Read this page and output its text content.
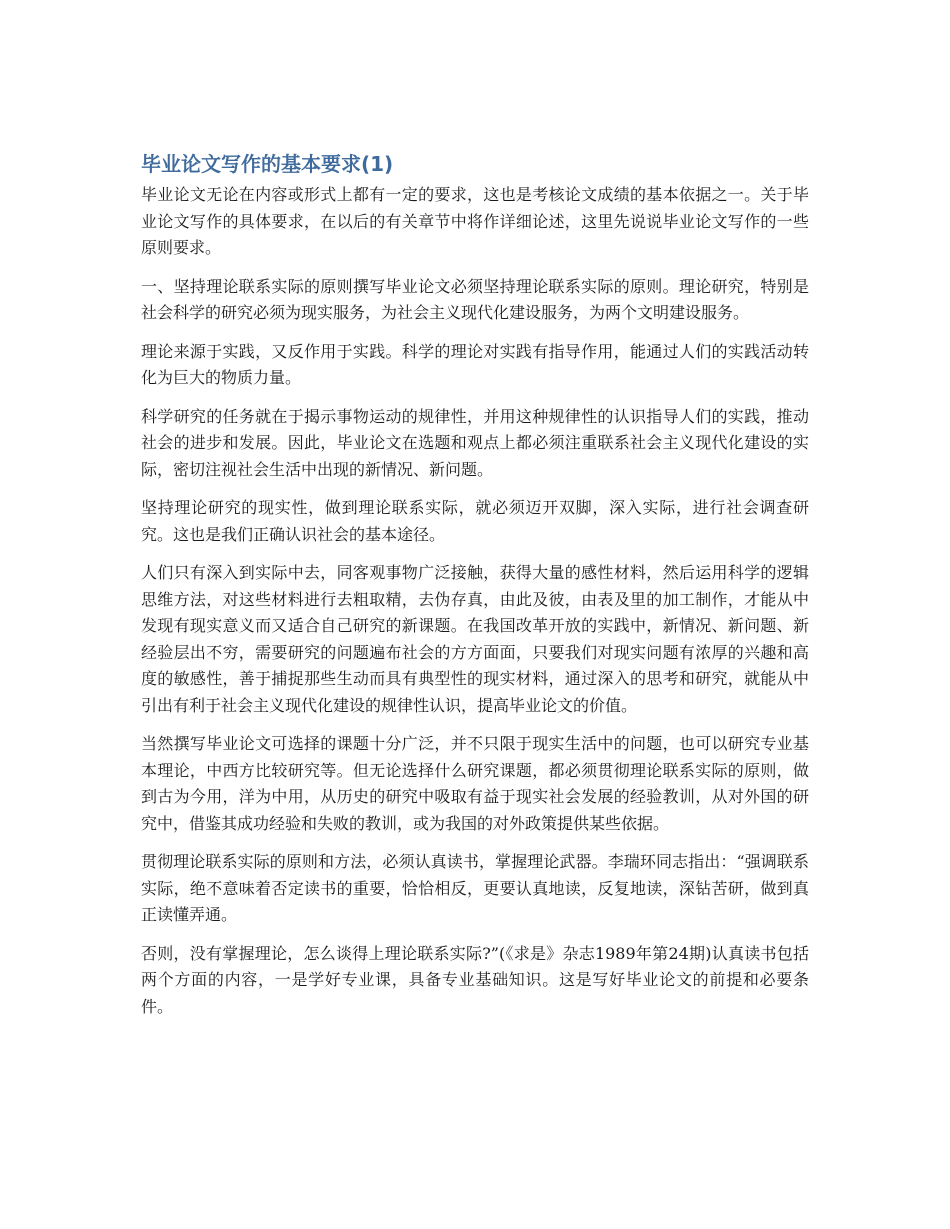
毕业论文写作的基本要求(1)

毕业论文无论在内容或形式上都有一定的要求，这也是考核论文成绩的基本依据之一。关于毕业论文写作的具体要求，在以后的有关章节中将作详细论述，这里先说说毕业论文写作的一些原则要求。

一、坚持理论联系实际的原则撰写毕业论文必须坚持理论联系实际的原则。理论研究，特别是社会科学的研究必须为现实服务，为社会主义现代化建设服务，为两个文明建设服务。

理论来源于实践，又反作用于实践。科学的理论对实践有指导作用，能通过人们的实践活动转化为巨大的物质力量。

科学研究的任务就在于揭示事物运动的规律性，并用这种规律性的认识指导人们的实践，推动社会的进步和发展。因此，毕业论文在选题和观点上都必须注重联系社会主义现代化建设的实际，密切注视社会生活中出现的新情况、新问题。

坚持理论研究的现实性，做到理论联系实际，就必须迈开双脚，深入实际，进行社会调查研究。这也是我们正确认识社会的基本途径。

人们只有深入到实际中去，同客观事物广泛接触，获得大量的感性材料，然后运用科学的逻辑思维方法，对这些材料进行去粗取精，去伪存真，由此及彼，由表及里的加工制作，才能从中发现有现实意义而又适合自己研究的新课题。在我国改革开放的实践中，新情况、新问题、新经验层出不穷，需要研究的问题遍布社会的方方面面，只要我们对现实问题有浓厚的兴趣和高度的敏感性，善于捕捉那些生动而具有典型性的现实材料，通过深入的思考和研究，就能从中引出有利于社会主义现代化建设的规律性认识，提高毕业论文的价值。

当然撰写毕业论文可选择的课题十分广泛，并不只限于现实生活中的问题，也可以研究专业基本理论，中西方比较研究等。但无论选择什么研究课题，都必须贯彻理论联系实际的原则，做到古为今用，洋为中用，从历史的研究中吸取有益于现实社会发展的经验教训，从对外国的研究中，借鉴其成功经验和失败的教训，或为我国的对外政策提供某些依据。

贯彻理论联系实际的原则和方法，必须认真读书，掌握理论武器。李瑞环同志指出：“强调联系实际，绝不意味着否定读书的重要，恰恰相反，更要认真地读，反复地读，深钻苦研，做到真正读懂弄通。

否则，没有掌握理论，怎么谈得上理论联系实际?”(《求是》杂志1989年第24期)认真读书包括两个方面的内容，一是学好专业课，具备专业基础知识。这是写好毕业论文的前提和必要条件。
